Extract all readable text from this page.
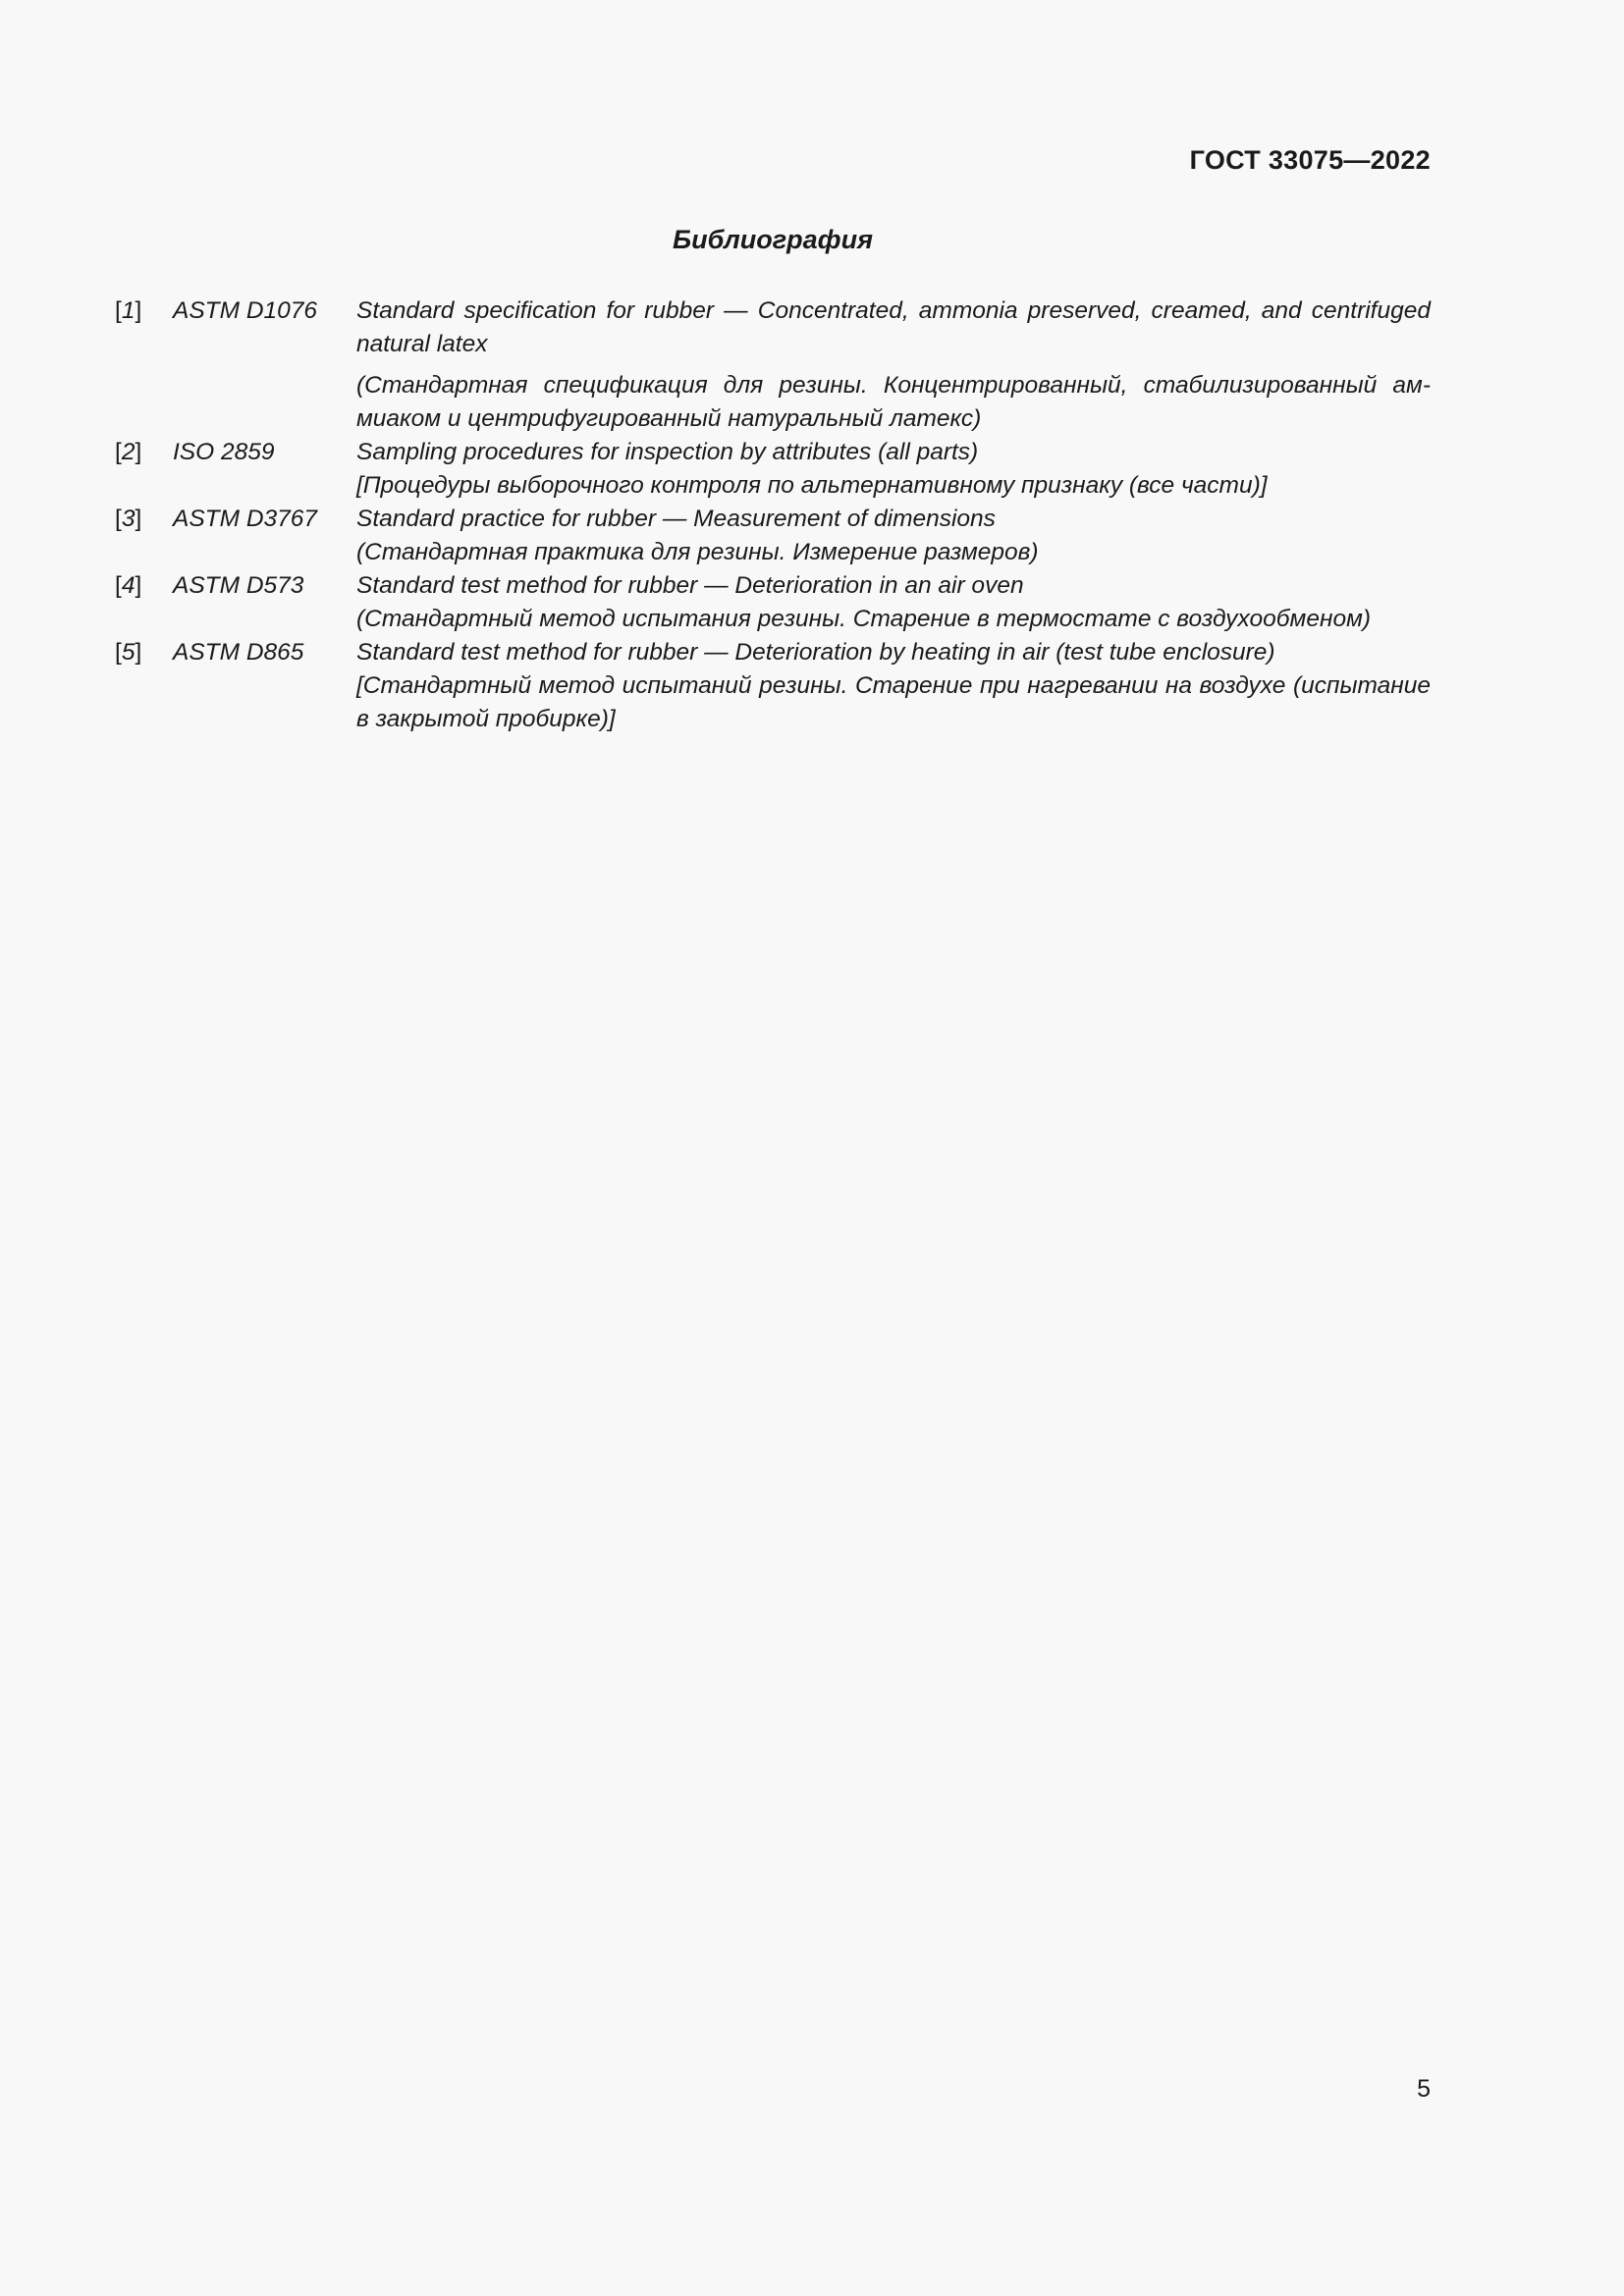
ГОСТ 33075—2022
Библиография
[1]	ASTM D1076	Standard specification for rubber — Concentrated, ammonia preserved, creamed, and centrifuged natural latex

(Стандартная спецификация для резины. Концентрированный, стабилизированный ам-миаком и центрифугированный натуральный латекс)

[2]	ISO 2859	Sampling procedures for inspection by attributes (all parts)

[Процедуры выборочного контроля по альтернативному признаку (все части)]

[3]	ASTM D3767	Standard practice for rubber — Measurement of dimensions

(Стандартная практика для резины. Измерение размеров)

[4]	ASTM D573	Standard test method for rubber — Deterioration in an air oven

(Стандартный метод испытания резины. Старение в термостате с воздухообменом)

[5]	ASTM D865	Standard test method for rubber — Deterioration by heating in air (test tube enclosure)

[Стандартный метод испытаний резины. Старение при нагревании на воздухе (испытание в закрытой пробирке)]

5
